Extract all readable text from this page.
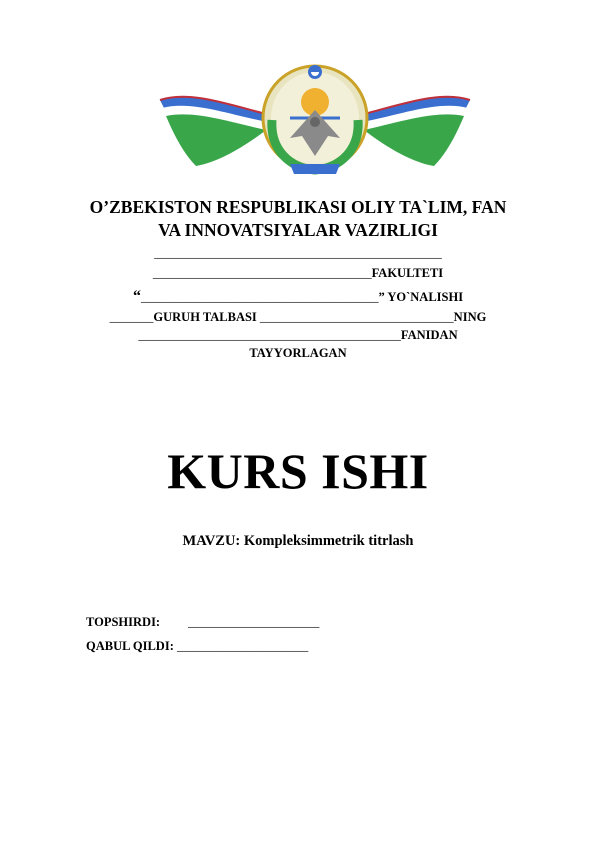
O’ZBEKISTON RESPUBLIKASI OLIY TA`LIM, FAN
VA INNOVATSIYALAR VAZIRLIGI
______________________________________________
___________________________________FAKULTETI
“______________________________________” YO`NALISHI
_______GURUH TALBASI _______________________________NING
__________________________________________FANIDAN
TAYYORLAGAN
KURS ISHI
MAVZU: Kompleksimmetrik titrlash
TOPSHIRDI: _____________________
QABUL QILDI: _____________________
